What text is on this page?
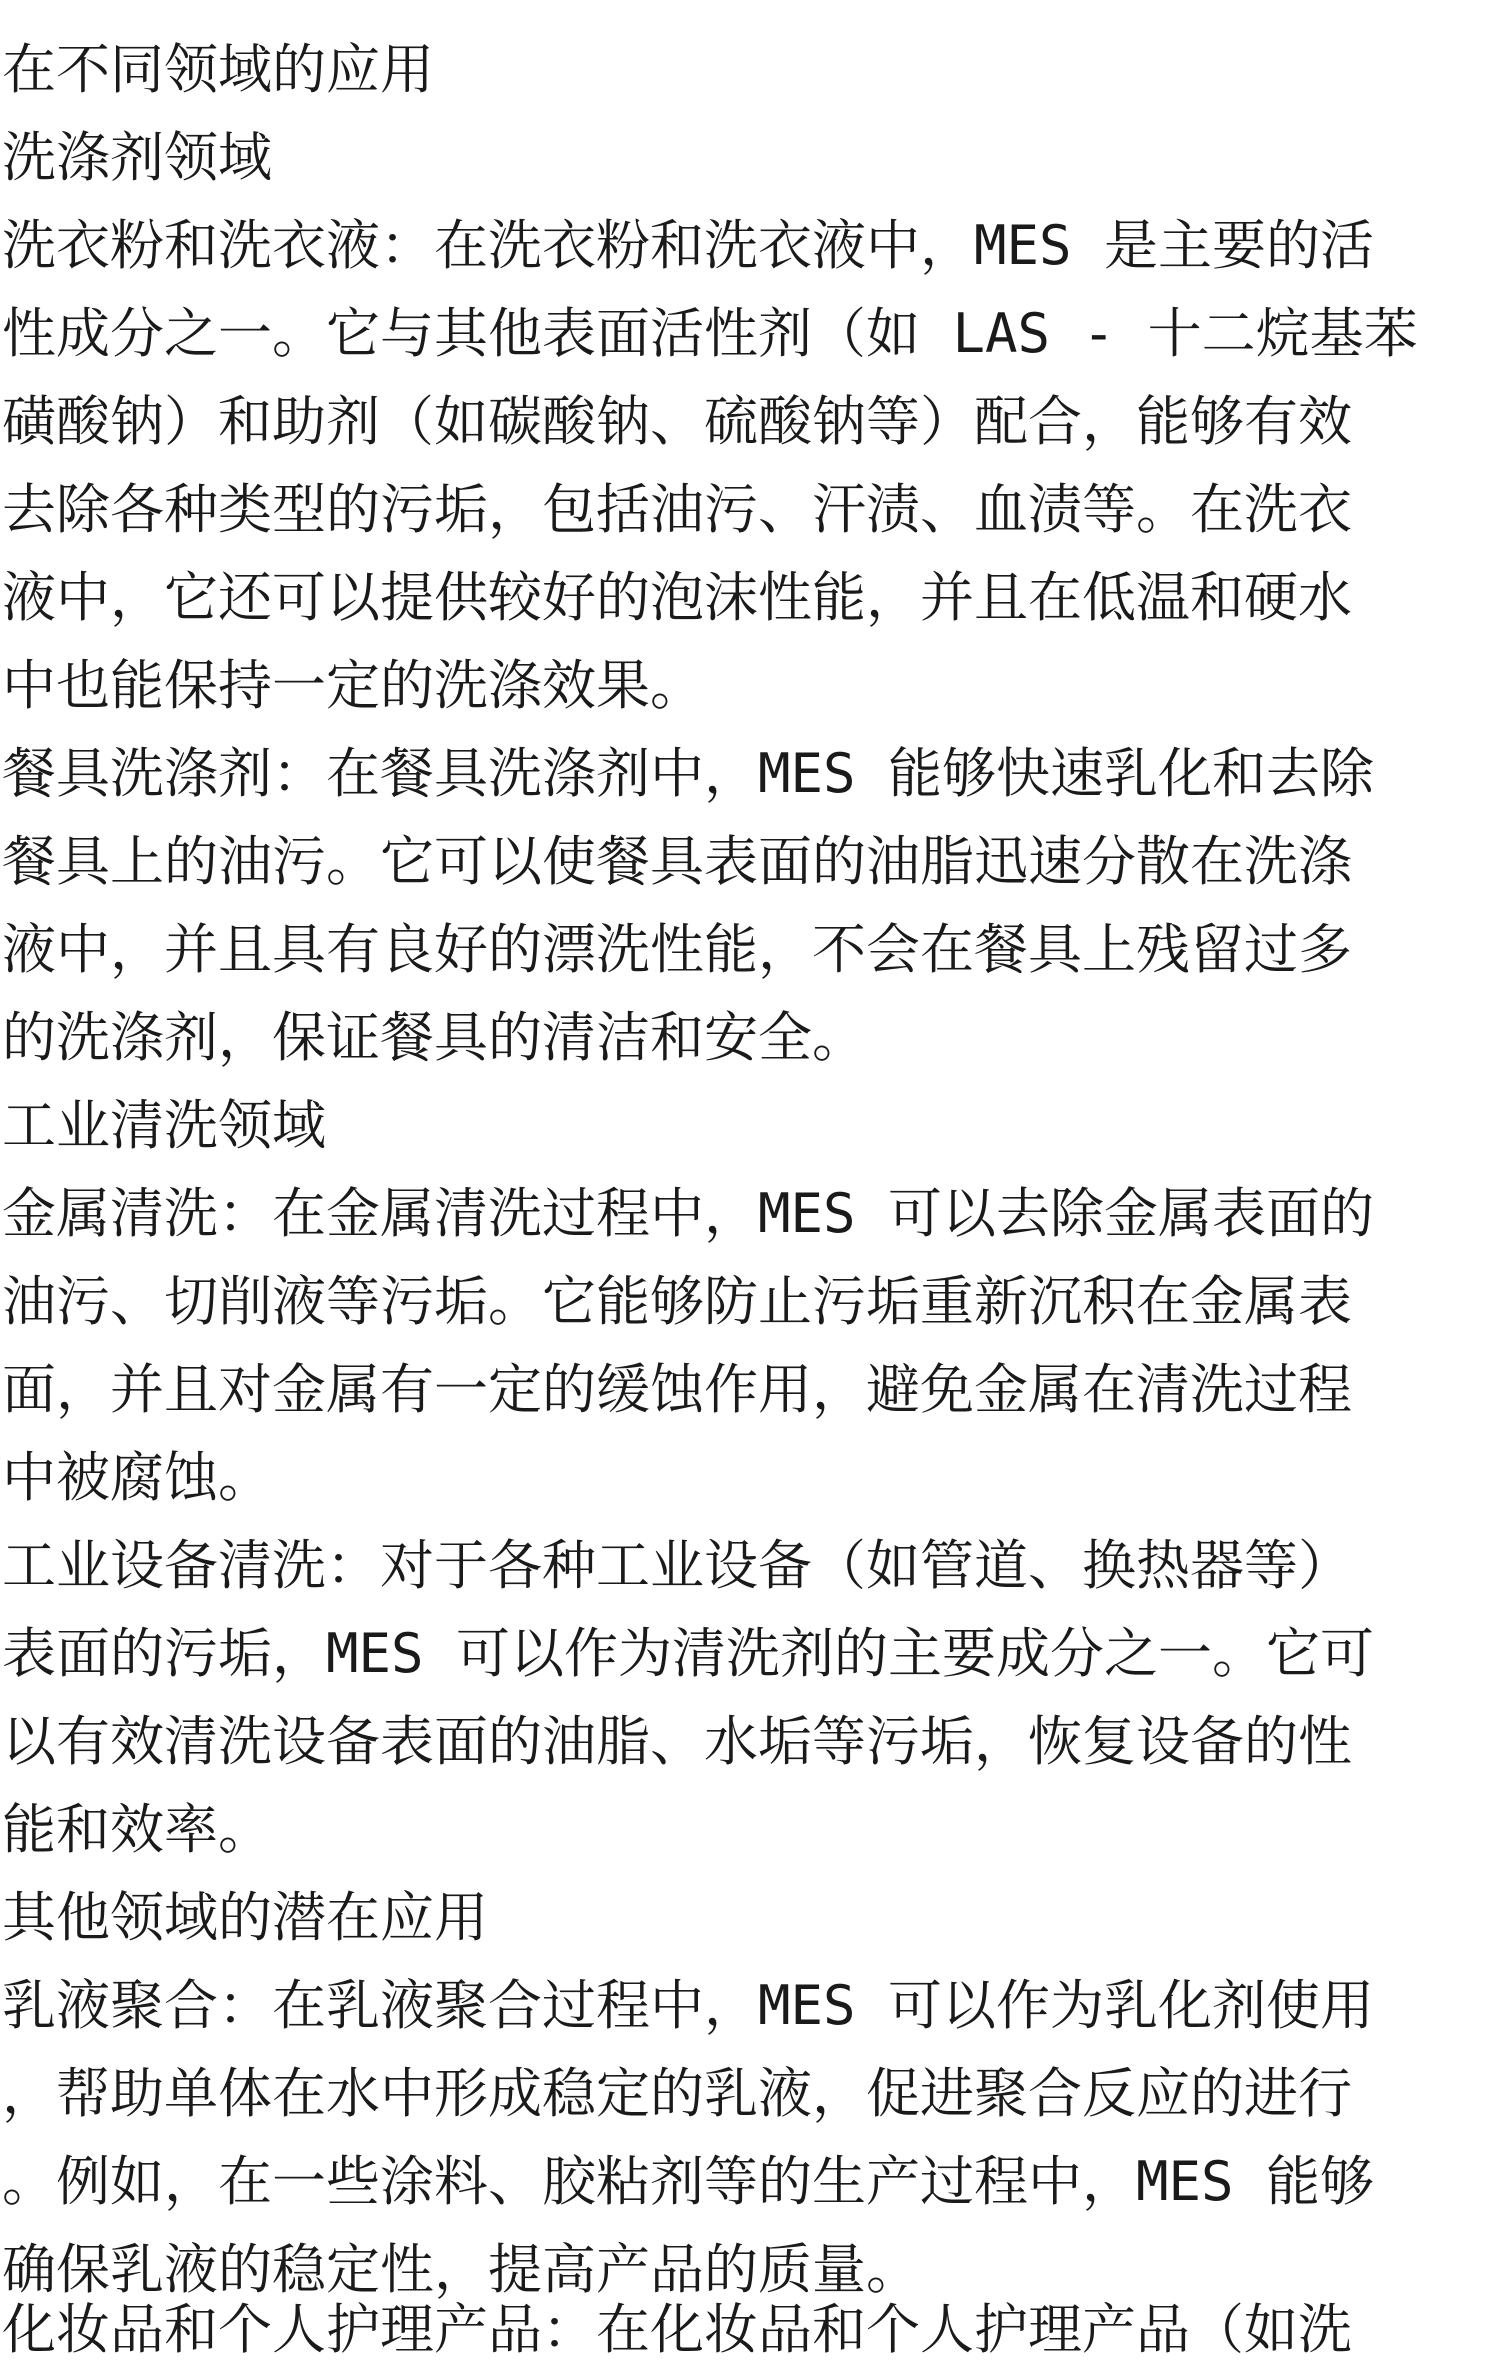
在不同领域的应用
洗涤剂领域
洗衣粉和洗衣液：在洗衣粉和洗衣液中，MES 是主要的活
性成分之一。它与其他表面活性剂（如 LAS - 十二烷基苯
磺酸钠）和助剂（如碳酸钠、硫酸钠等）配合，能够有效
去除各种类型的污垢，包括油污、汗渍、血渍等。在洗衣
液中，它还可以提供较好的泡沫性能，并且在低温和硬水
中也能保持一定的洗涤效果。
餐具洗涤剂：在餐具洗涤剂中，MES 能够快速乳化和去除
餐具上的油污。它可以使餐具表面的油脂迅速分散在洗涤
液中，并且具有良好的漂洗性能，不会在餐具上残留过多
的洗涤剂，保证餐具的清洁和安全。
工业清洗领域
金属清洗：在金属清洗过程中，MES 可以去除金属表面的
油污、切削液等污垢。它能够防止污垢重新沉积在金属表
面，并且对金属有一定的缓蚀作用，避免金属在清洗过程
中被腐蚀。
工业设备清洗：对于各种工业设备（如管道、换热器等）
表面的污垢，MES 可以作为清洗剂的主要成分之一。它可
以有效清洗设备表面的油脂、水垢等污垢，恢复设备的性
能和效率。
其他领域的潜在应用
乳液聚合：在乳液聚合过程中，MES 可以作为乳化剂使用
，帮助单体在水中形成稳定的乳液，促进聚合反应的进行
。例如，在一些涂料、胶粘剂等的生产过程中，MES 能够
确保乳液的稳定性，提高产品的质量。
化妆品和个人护理产品：在化妆品和个人护理产品（如洗
